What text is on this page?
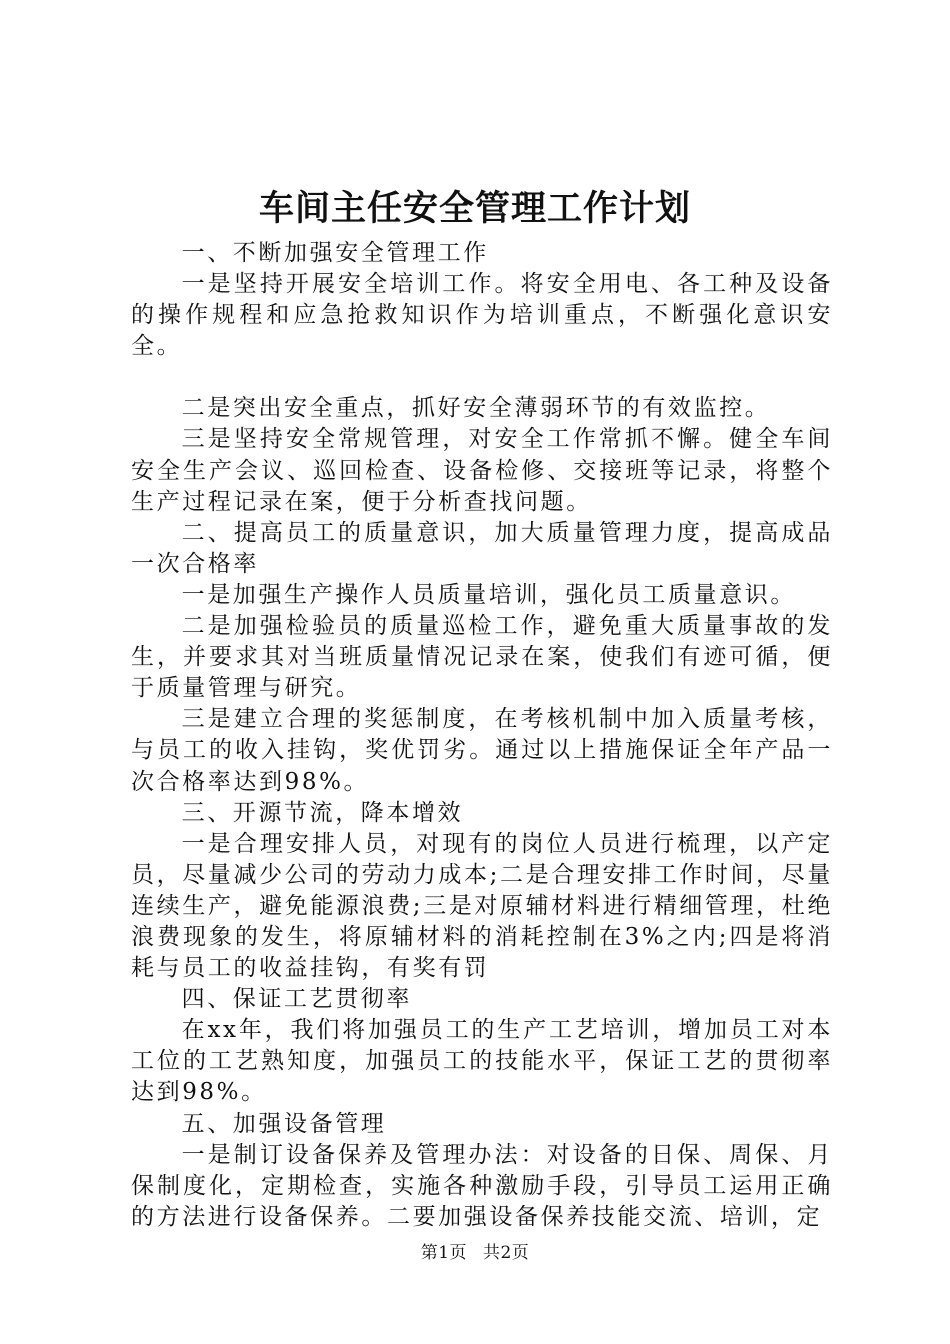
车间主任安全管理工作计划

一、不断加强安全管理工作

一是坚持开展安全培训工作。将安全用电、各工种及设备的操作规程和应急抢救知识作为培训重点，不断强化意识安全。

二是突出安全重点，抓好安全薄弱环节的有效监控。

三是坚持安全常规管理，对安全工作常抓不懈。健全车间安全生产会议、巡回检查、设备检修、交接班等记录，将整个生产过程记录在案，便于分析查找问题。

二、提高员工的质量意识，加大质量管理力度，提高成品一次合格率

一是加强生产操作人员质量培训，强化员工质量意识。

二是加强检验员的质量巡检工作，避免重大质量事故的发生，并要求其对当班质量情况记录在案，使我们有迹可循，便于质量管理与研究。

三是建立合理的奖惩制度，在考核机制中加入质量考核，与员工的收入挂钩，奖优罚劣。通过以上措施保证全年产品一次合格率达到98%。

三、开源节流，降本增效

一是合理安排人员，对现有的岗位人员进行梳理，以产定员，尽量减少公司的劳动力成本;二是合理安排工作时间，尽量连续生产，避免能源浪费;三是对原辅材料进行精细管理，杜绝浪费现象的发生，将原辅材料的消耗控制在3%之内;四是将消耗与员工的收益挂钩，有奖有罚

四、保证工艺贯彻率

在xx年，我们将加强员工的生产工艺培训，增加员工对本工位的工艺熟知度，加强员工的技能水平，保证工艺的贯彻率达到98%。

五、加强设备管理

一是制订设备保养及管理办法：对设备的日保、周保、月保制度化，定期检查，实施各种激励手段，引导员工运用正确的方法进行设备保养。二要加强设备保养技能交流、培训，定

第1页 共2页
